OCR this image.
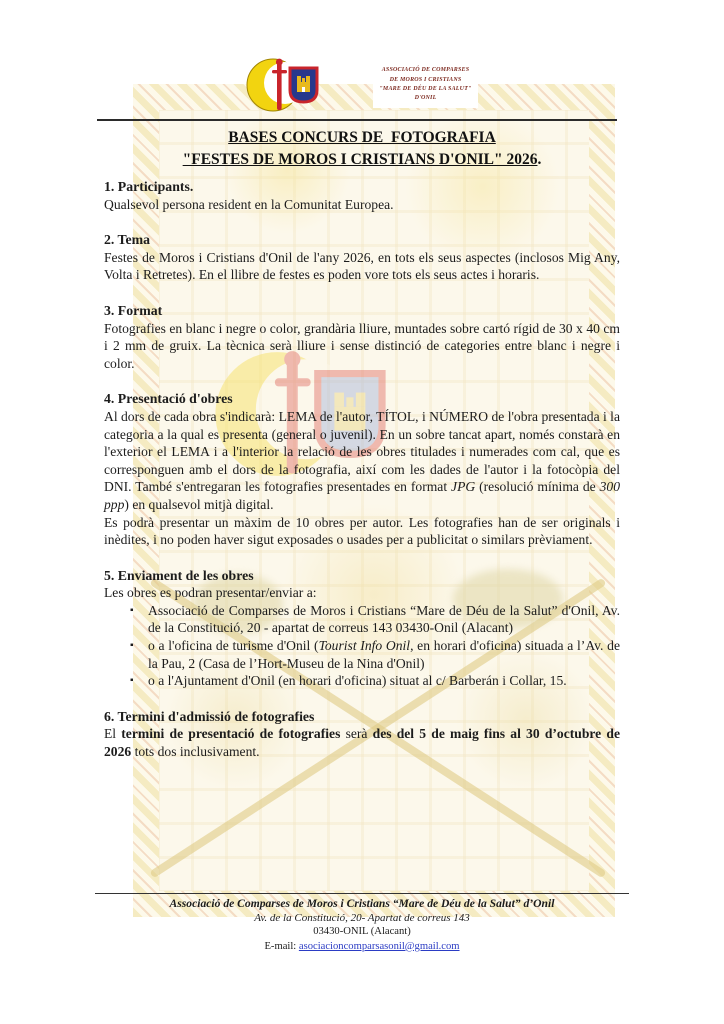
ASSOCIACIÓ DE COMPARSES
DE MOROS I CRISTIANS
"MARE DE DÉU DE LA SALUT"
D'ONIL
BASES CONCURS DE  FOTOGRAFIA
"FESTES DE MOROS I CRISTIANS D'ONIL" 2026.
1. Participants.

Qualsevol persona resident en la Comunitat Europea.

2. Tema

Festes de Moros i Cristians d'Onil de l'any 2026, en tots els seus aspectes (inclosos Mig Any, Volta i Retretes). En el llibre de festes es poden vore tots els seus actes i horaris.

3. Format

Fotografies en blanc i negre o color, grandària lliure, muntades sobre cartó rígid de 30 x 40 cm i 2 mm de gruix. La tècnica serà lliure i sense distinció de categories entre blanc i negre i color.

4. Presentació d'obres

Al dors de cada obra s'indicarà: LEMA de l'autor, TÍTOL, i NÚMERO de l'obra presentada i la categoria a la qual es presenta (general o juvenil). En un sobre tancat apart, només constarà en l'exterior el LEMA i a l'interior la relació de les obres titulades i numerades com cal, que es corresponguen amb el dors de la fotografia, així com les dades de l'autor i la fotocòpia del DNI. També s'entregaran les fotografies presentades en format JPG (resolució mínima de 300 ppp) en qualsevol mitjà digital.

Es podrà presentar un màxim de 10 obres per autor. Les fotografies han de ser originals i inèdites, i no poden haver sigut exposades o usades per a publicitat o similars prèviament.

5. Enviament de les obres

Les obres es podran presentar/enviar a:

▪ Associació de Comparses de Moros i Cristians “Mare de Déu de la Salut” d'Onil, Av. de la Constitució, 20 - apartat de correus 143 03430-Onil (Alacant)
▪ o a l'oficina de turisme d'Onil (Tourist Info Onil, en horari d'oficina) situada a l’Av. de la Pau, 2 (Casa de l’Hort-Museu de la Nina d'Onil)
▪ o a l'Ajuntament d'Onil (en horari d'oficina) situat al c/ Barberán i Collar, 15.
6. Termini d'admissió de fotografies

El termini de presentació de fotografies serà des del 5 de maig fins al 30 d’octubre de 2026 tots dos inclusivament.

Associació de Comparses de Moros i Cristians “Mare de Déu de la Salut” d’Onil
Av. de la Constitució, 20- Apartat de correus 143
03430-ONIL (Alacant)
E-mail: asociacioncomparsasonil@gmail.com
